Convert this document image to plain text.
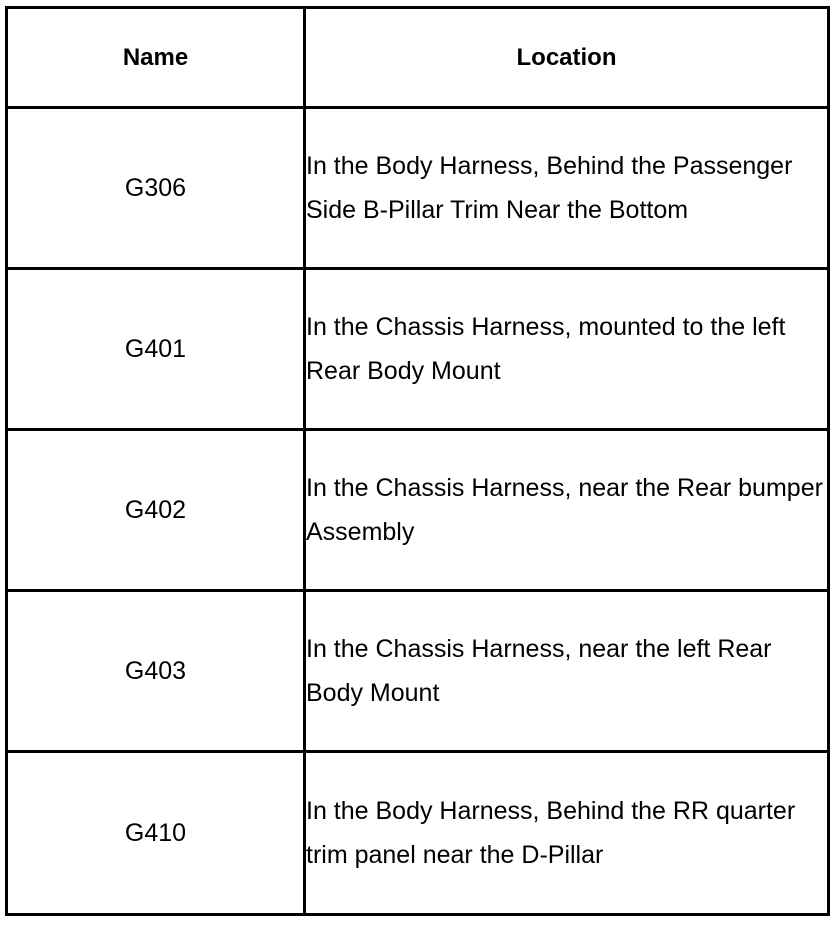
Name	Location
G306	In the Body Harness, Behind the Passenger Side B-Pillar Trim Near the Bottom
G401	In the Chassis Harness, mounted to the left Rear Body Mount
G402	In the Chassis Harness, near the Rear bumper Assembly
G403	In the Chassis Harness, near the left Rear Body Mount
G410	In the Body Harness, Behind the RR quarter trim panel near the D-Pillar
